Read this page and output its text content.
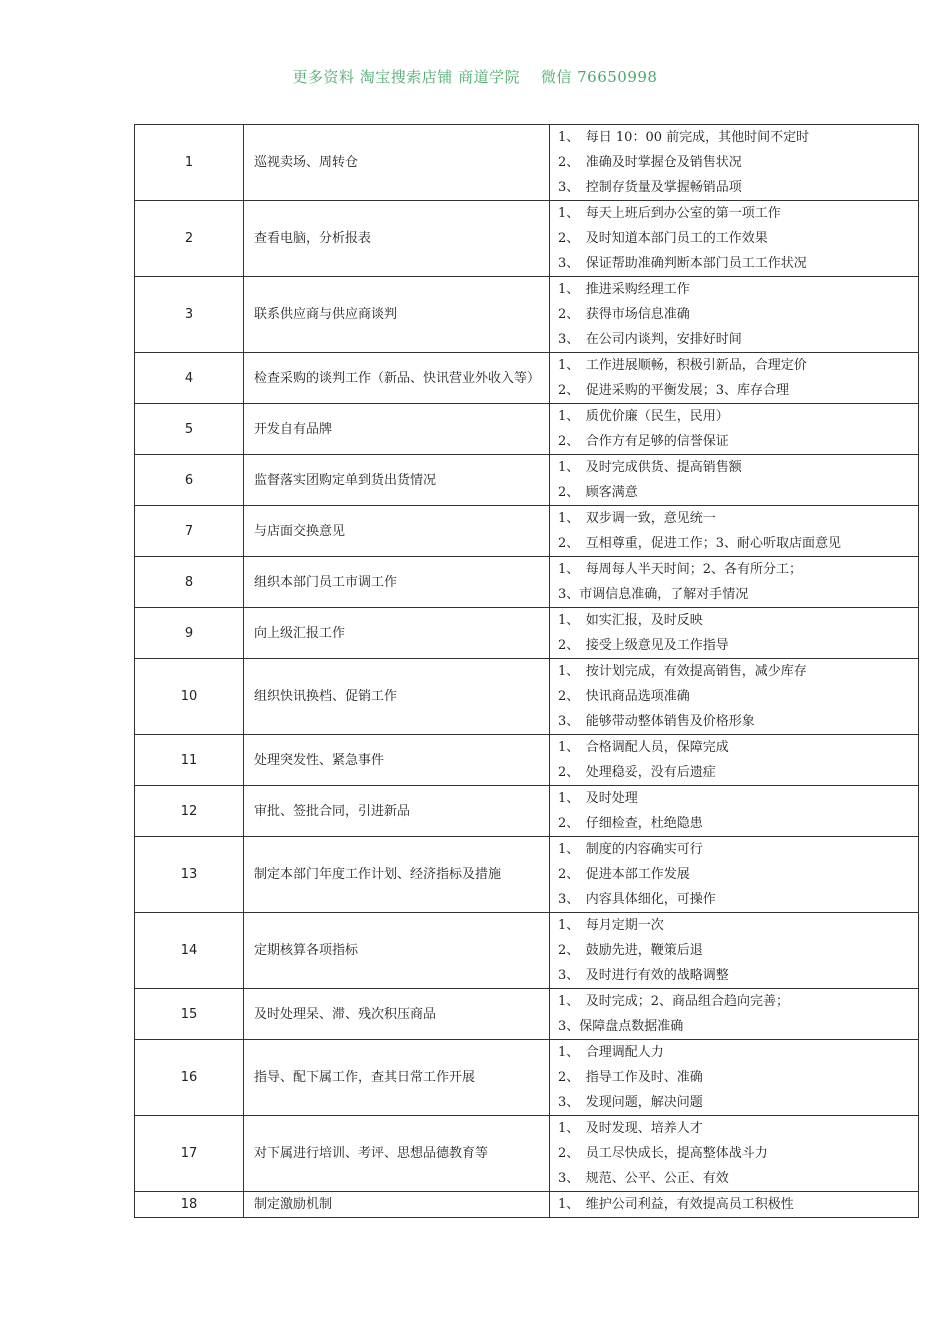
更多资料 淘宝搜索店铺 商道学院　 微信 76650998
1	巡视卖场、周转仓	1、　每日 10：00 前完成，其他时间不定时
2、　准确及时掌握仓及销售状况
3、　控制存货量及掌握畅销品项

2	查看电脑，分析报表	1、　每天上班后到办公室的第一项工作
2、　及时知道本部门员工的工作效果
3、　保证帮助准确判断本部门员工工作状况

3	联系供应商与供应商谈判	1、　推进采购经理工作
2、　获得市场信息准确
3、　在公司内谈判，安排好时间

4	检查采购的谈判工作（新品、快讯营业外收入等）	1、　工作进展顺畅，积极引新品，合理定价
2、　促进采购的平衡发展；3、库存合理

5	开发自有品牌	1、　质优价廉（民生，民用）
2、　合作方有足够的信誉保证

6	监督落实团购定单到货出货情况	1、　及时完成供货、提高销售额
2、　顾客满意

7	与店面交换意见	1、　双步调一致，意见统一
2、　互相尊重，促进工作；3、耐心听取店面意见

8	组织本部门员工市调工作	1、　每周每人半天时间；2、各有所分工；
3、市调信息准确，了解对手情况

9	向上级汇报工作	1、　如实汇报，及时反映
2、　接受上级意见及工作指导

10	组织快讯换档、促销工作	1、　按计划完成，有效提高销售，减少库存
2、　快讯商品选项准确
3、　能够带动整体销售及价格形象

11	处理突发性、紧急事件	1、　合格调配人员，保障完成
2、　处理稳妥，没有后遗症

12	审批、签批合同，引进新品	1、　及时处理
2、　仔细检查，杜绝隐患

13	制定本部门年度工作计划、经济指标及措施	1、　制度的内容确实可行
2、　促进本部工作发展
3、　内容具体细化，可操作

14	定期核算各项指标	1、　每月定期一次
2、　鼓励先进，鞭策后退
3、　及时进行有效的战略调整

15	及时处理呆、滞、残次积压商品	1、　及时完成；2、商品组合趋向完善；
3、保障盘点数据准确

16	指导、配下属工作，查其日常工作开展	1、　合理调配人力
2、　指导工作及时、准确
3、　发现问题，解决问题

17	对下属进行培训、考评、思想品德教育等	1、　及时发现、培养人才
2、　员工尽快成长，提高整体战斗力
3、　规范、公平、公正、有效

18	制定激励机制	1、　维护公司利益，有效提高员工积极性
